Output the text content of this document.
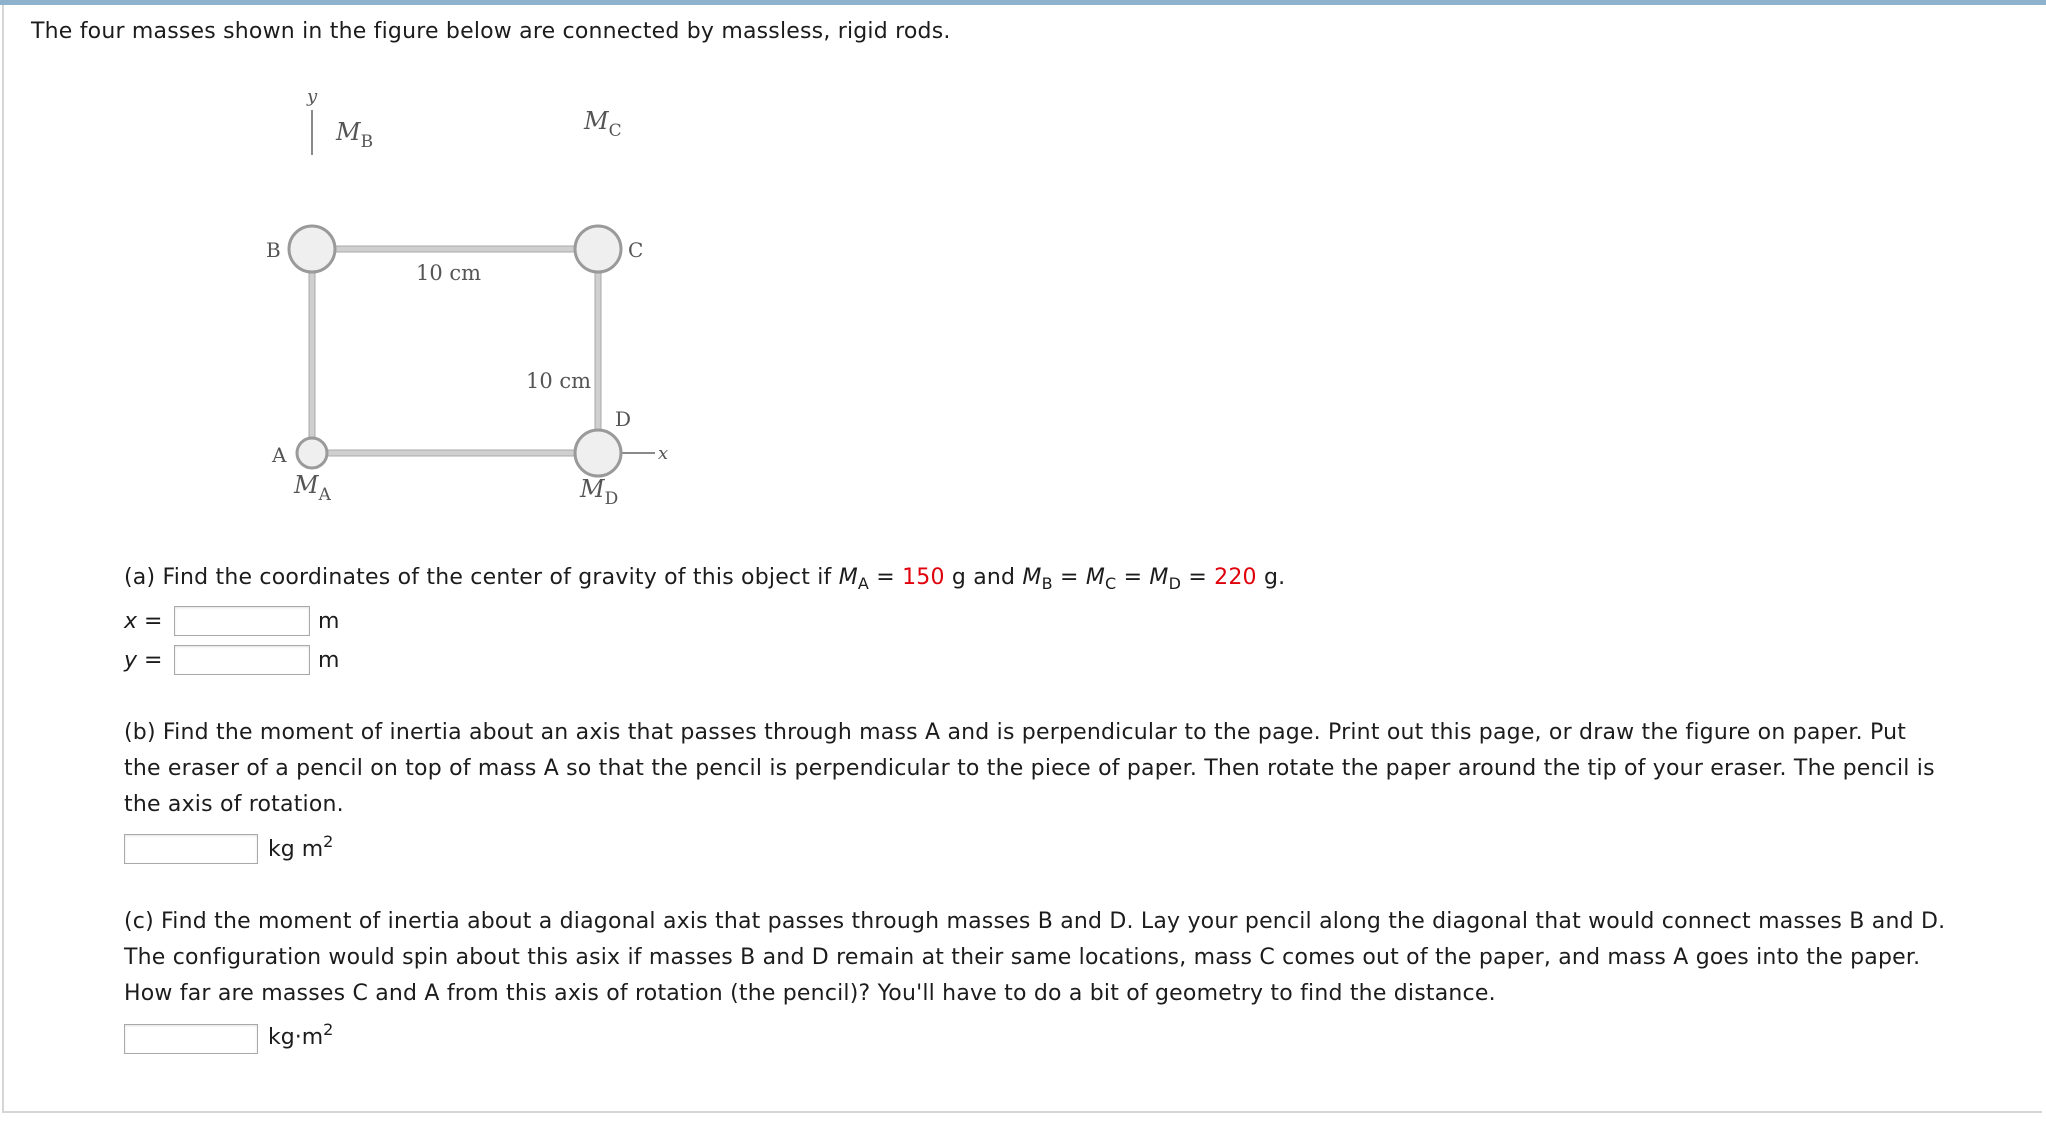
The four masses shown in the figure below are connected by massless, rigid rods.
y
x
B	C
A
D
$M_B$
$M_C$
$M_A$	$M_D$
10 cm
10 cm
(a) Find the coordinates of the center of gravity of this object if $M_A = 150$ g and $M_B = M_C = M_D = 220$ g.
x =	m
y =	m
(b) Find the moment of inertia about an axis that passes through mass A and is perpendicular to the page. Print out this page, or draw the figure on paper. Put
the eraser of a pencil on top of mass A so that the pencil is perpendicular to the piece of paper. Then rotate the paper around the tip of your eraser. The pencil is
the axis of rotation.
kg $m^2$
(c) Find the moment of inertia about a diagonal axis that passes through masses B and D. Lay your pencil along the diagonal that would connect masses B and D.
The configuration would spin about this asix if masses B and D remain at their same locations, mass C comes out of the paper, and mass A goes into the paper.
How far are masses C and A from this axis of rotation (the pencil)? You'll have to do a bit of geometry to find the distance.
$kg\cdot m^2$
